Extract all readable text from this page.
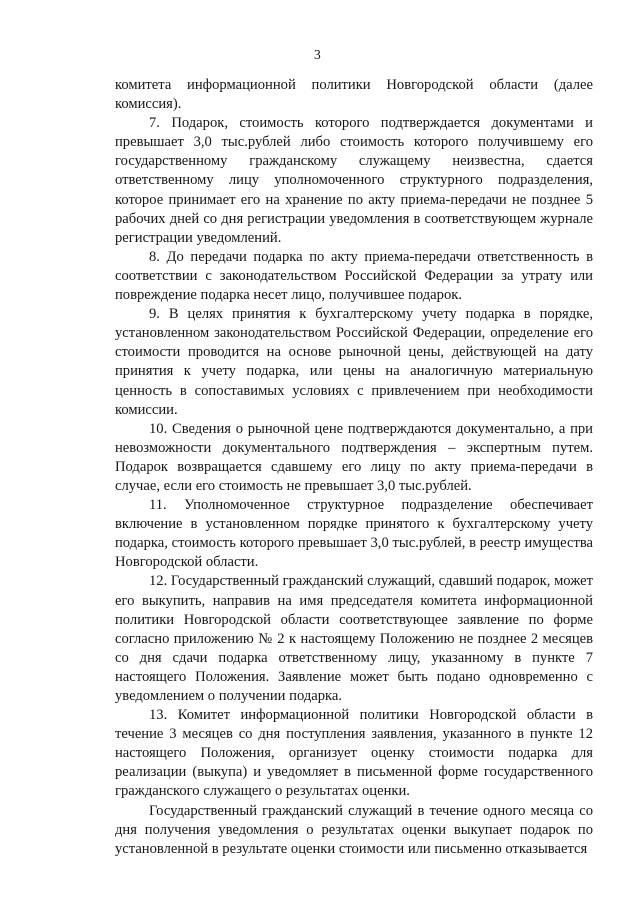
3

комитета информационной политики Новгородской области (далее комиссия).

7. Подарок, стоимость которого подтверждается документами и превышает 3,0 тыс.рублей либо стоимость которого получившему его государственному гражданскому служащему неизвестна, сдается ответственному лицу уполномоченного структурного подразделения, которое принимает его на хранение по акту приема-передачи не позднее 5 рабочих дней со дня регистрации уведомления в соответствующем журнале регистрации уведомлений.

8. До передачи подарка по акту приема-передачи ответственность в соответствии с законодательством Российской Федерации за утрату или повреждение подарка несет лицо, получившее подарок.

9. В целях принятия к бухгалтерскому учету подарка в порядке, установленном законодательством Российской Федерации, определение его стоимости проводится на основе рыночной цены, действующей на дату принятия к учету подарка, или цены на аналогичную материальную ценность в сопоставимых условиях с привлечением при необходимости комиссии.

10. Сведения о рыночной цене подтверждаются документально, а при невозможности документального подтверждения – экспертным путем. Подарок возвращается сдавшему его лицу по акту приема-передачи в случае, если его стоимость не превышает 3,0 тыс.рублей.

11. Уполномоченное структурное подразделение обеспечивает включение в установленном порядке принятого к бухгалтерскому учету подарка, стоимость которого превышает 3,0 тыс.рублей, в реестр имущества Новгородской области.

12. Государственный гражданский служащий, сдавший подарок, может его выкупить, направив на имя председателя комитета информационной политики Новгородской области соответствующее заявление по форме согласно приложению № 2 к настоящему Положению не позднее 2 месяцев со дня сдачи подарка ответственному лицу, указанному в пункте 7 настоящего Положения. Заявление может быть подано одновременно с уведомлением о получении подарка.

13. Комитет информационной политики Новгородской области в течение 3 месяцев со дня поступления заявления, указанного в пункте 12 настоящего Положения, организует оценку стоимости подарка для реализации (выкупа) и уведомляет в письменной форме государственного гражданского служащего о результатах оценки.

Государственный гражданский служащий в течение одного месяца со дня получения уведомления о результатах оценки выкупает подарок по установленной в результате оценки стоимости или письменно отказывается
